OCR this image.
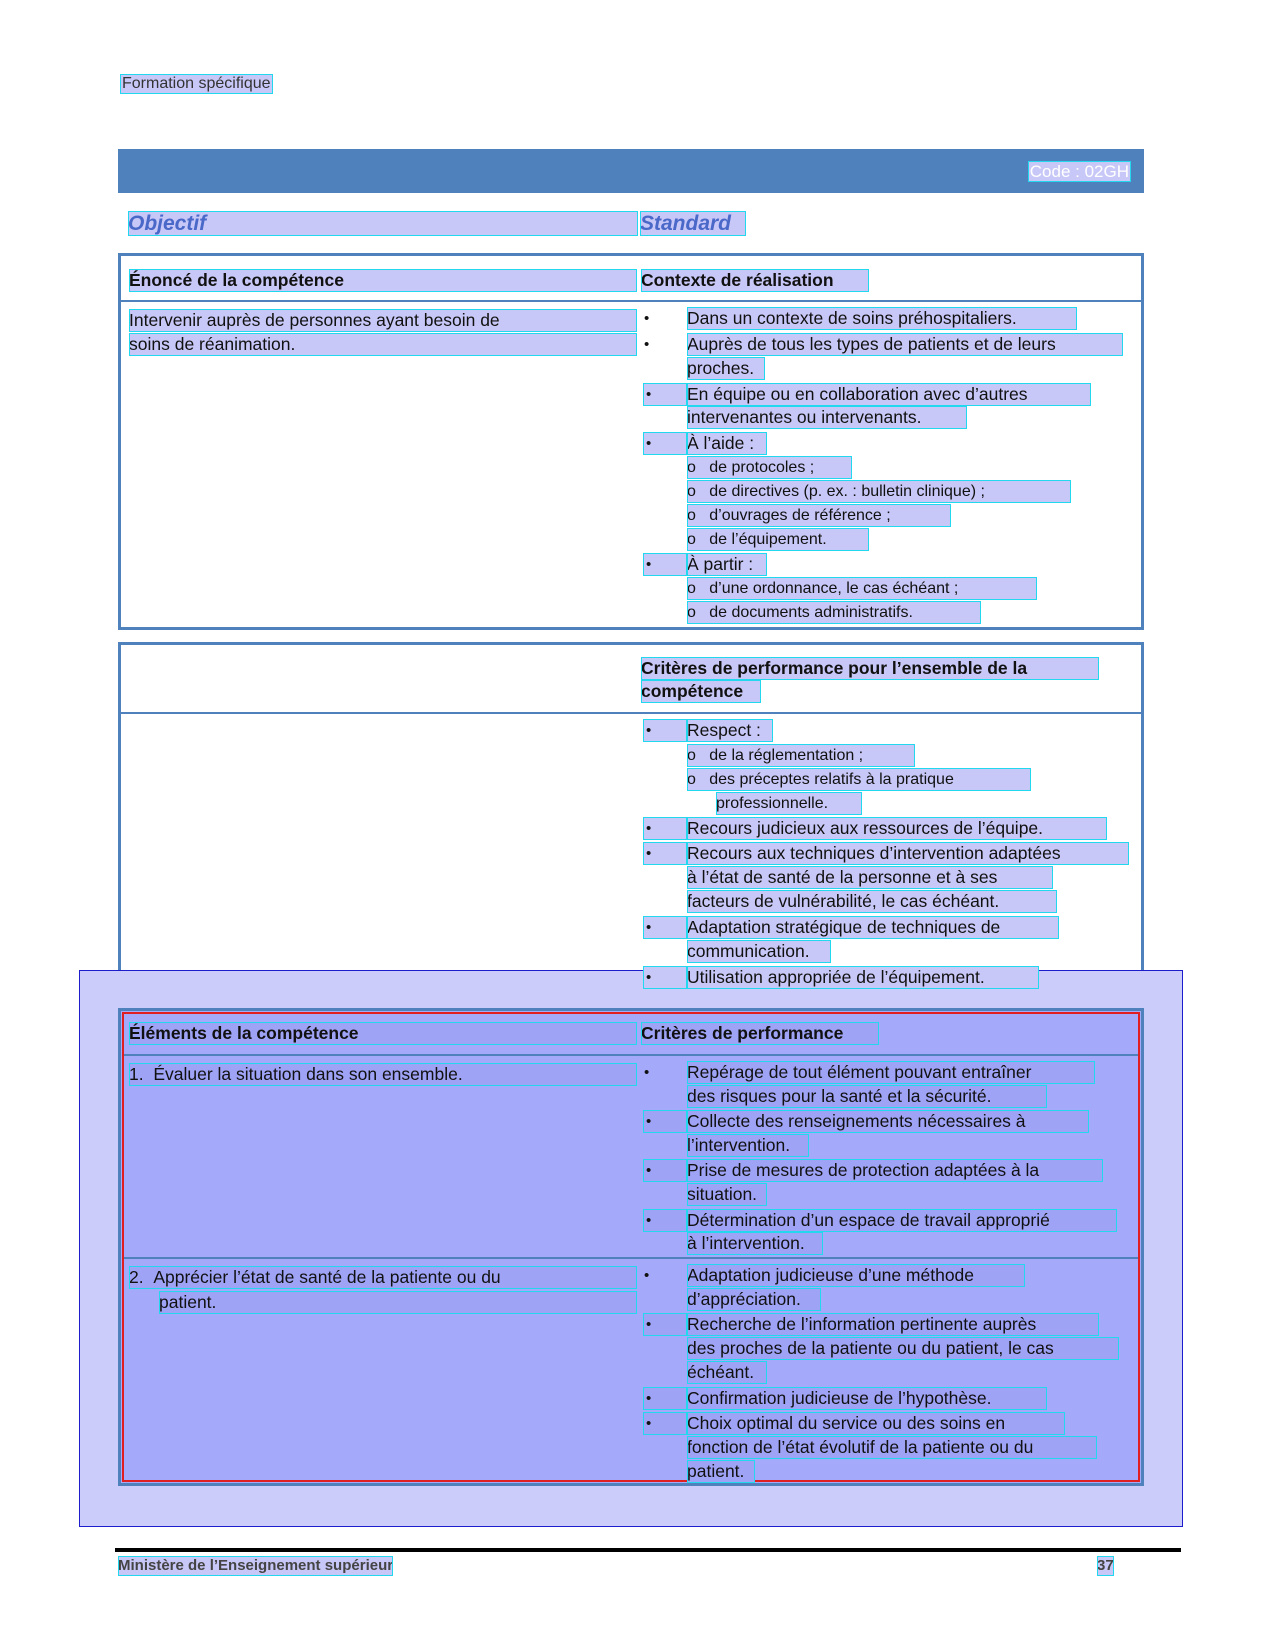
Formation spécifique
Code : 02GH
Objectif	Standard
Énoncé de la compétence	Contexte de réalisation
Intervenir auprès de personnes ayant besoin de
soins de réanimation.
•	Dans un contexte de soins préhospitaliers.
•	Auprès de tous les types de patients et de leurs
proches.
•	En équipe ou en collaboration avec d’autres
intervenantes ou intervenants.
•	À l’aide :
o de protocoles ;
o de directives (p. ex. : bulletin clinique) ;
o d’ouvrages de référence ;
o de l’équipement.
•	À partir :
o d’une ordonnance, le cas échéant ;
o de documents administratifs.
Critères de performance pour l’ensemble de la
compétence
•	Respect :
o de la réglementation ;
o des préceptes relatifs à la pratique
professionnelle.
•	Recours judicieux aux ressources de l’équipe.
•	Recours aux techniques d’intervention adaptées
à l’état de santé de la personne et à ses
facteurs de vulnérabilité, le cas échéant.
•	Adaptation stratégique de techniques de
communication.
•	Utilisation appropriée de l’équipement.
Éléments de la compétence	Critères de performance
1. Évaluer la situation dans son ensemble.	•	Repérage de tout élément pouvant entraîner
des risques pour la santé et la sécurité.
•	Collecte des renseignements nécessaires à
l’intervention.
•	Prise de mesures de protection adaptées à la
situation.
•	Détermination d’un espace de travail approprié
à l’intervention.
2. Apprécier l’état de santé de la patiente ou du
patient.
•	Adaptation judicieuse d’une méthode
d’appréciation.
•	Recherche de l’information pertinente auprès
des proches de la patiente ou du patient, le cas
échéant.
•	Confirmation judicieuse de l’hypothèse.
•	Choix optimal du service ou des soins en
fonction de l’état évolutif de la patiente ou du
patient.
Ministère de l’Enseignement supérieur	37
